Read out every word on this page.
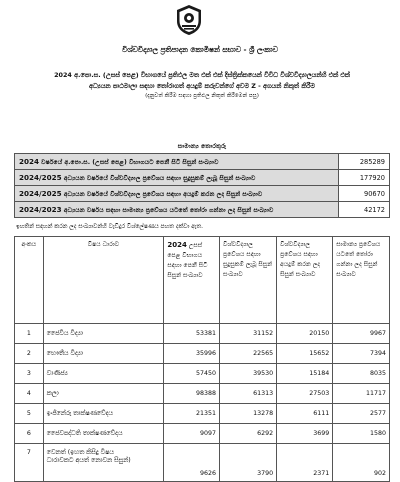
විශ්වවිද්‍යාල ප්‍රතිපාදන කොමිෂන් සභාව - ශ්‍රී ලංකාව
2024 අ.පො.ස. (උසස් පෙළ) විභාගයේ ප්‍රතිඵල මත එක් එක් දිස්ත්‍රික්කයෙන් විවිධ විශ්වවිද්‍යාලයන්හි එක් එක්
අධ්‍යයන පාඨමාලා සඳහා තෝරාගත් අයදුම් කරුවන්ගේ අවම Z - අගයන් නිකුත් කිරීම
(දැනුවත් කිරීම සඳහා ප්‍රතිඵල නිකුත් කිරීමෙන් පසු)
සාමාන්‍ය තොරතුරු
2024 වර්ෂයේ අ.පො.ස. (උසස් පෙළ) විභාගයට පෙනී සිටි සිසුන් සංඛ්‍යාව	285289
2024/2025 අධ්‍යයන වර්ෂයේ විශ්වවිද්‍යාල ප්‍රවේශය සඳහා සුදුසුකම් ලැබූ සිසුන් සංඛ්‍යාව	177920
2024/2025 අධ්‍යයන වර්ෂයේ විශ්වවිද්‍යාල ප්‍රවේශය සඳහා අයදුම් කරන ලද සිසුන් සංඛ්‍යාව	90670
2024/2023 අධ්‍යයන වර්ෂය සඳහා සාමාන්‍ය ප්‍රවේශය යටතේ තෝරා ගන්නා ලද සිසුන් සංඛ්‍යාව	42172
ඉහතින් සඳහන් කරන ලද සංඛ්‍යාවන්හි වැඩිදුර විශ්ලේෂණය පහත දක්වා ඇත.
අංකය	විෂය ධාරාව	2024 උසස් පෙළ විභාගය සඳහා පෙනී සිටි සිසුන් සංඛ්‍යාව	විශ්වවිද්‍යාල ප්‍රවේශය සඳහා සුදුසුකම් ලැබූ සිසුන් සංඛ්‍යාව	විශ්වවිද්‍යාල ප්‍රවේශය සඳහා අයදුම් කරන ලද සිසුන් සංඛ්‍යාව	සාමාන්‍ය ප්‍රවේශය යටතේ තෝරා ගන්නා ලද සිසුන් සංඛ්‍යාව
1	ජෛවීය විද්‍යා	53381	31152	20150	9967
2	භෞතීය විද්‍යා	35996	22565	15652	7394
3	වාණිජ්‍ය	57450	39530	15184	8035
4	කලා	98388	61313	27503	11717
5	ඉංජිනේරු තාක්ෂණවේදය	21351	13278	6111	2577
6	ජෛවපද්ධති තාක්ෂණවේදය	9097	6292	3699	1580
7	වෙනත් (ඉහත කිසිදු විෂය
ධාරාවකට අයත් නොවන සිසුන්)	9626	3790	2371	902
